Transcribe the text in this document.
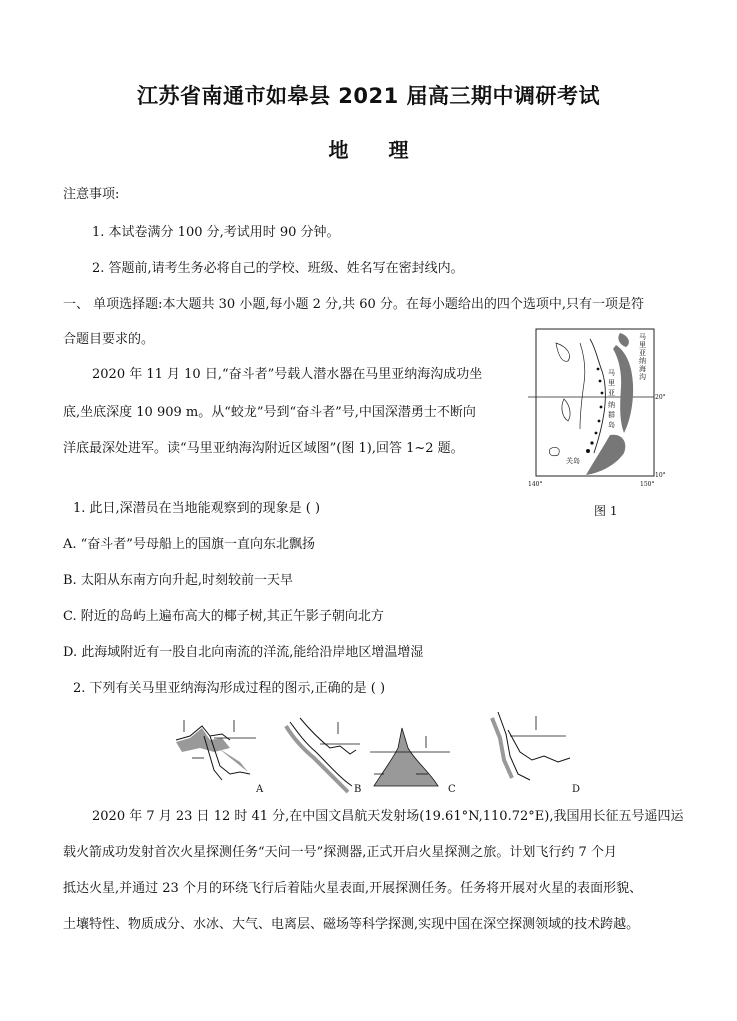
江苏省南通市如皋县 2021 届高三期中调研考试
地　　理
注意事项:
1. 本试卷满分 100 分,考试用时 90 分钟。
2. 答题前,请考生务必将自己的学校、班级、姓名写在密封线内。
一、 单项选择题:本大题共 30 小题,每小题 2 分,共 60 分。在每小题给出的四个选项中,只有一项是符
合题目要求的。
2020 年 11 月 10 日,“奋斗者”号载人潜水器在马里亚纳海沟成功坐
底,坐底深度 10 909 m。从“蛟龙”号到“奋斗者”号,中国深潜勇士不断向
洋底最深处进军。读“马里亚纳海沟附近区域图”(图 1),回答 1~2 题。
马
里
亚
纳
海
沟
马
里
亚
纳
群
岛
关岛
20°
10°
140°	150°
图 1
1. 此日,深潜员在当地能观察到的现象是 ( )
A. “奋斗者”号母船上的国旗一直向东北飘扬
B. 太阳从东南方向升起,时刻较前一天早
C. 附近的岛屿上遍布高大的椰子树,其正午影子朝向北方
D. 此海域附近有一股自北向南流的洋流,能给沿岸地区增温增湿
2. 下列有关马里亚纳海沟形成过程的图示,正确的是 ( )
A	B	C	D
2020 年 7 月 23 日 12 时 41 分,在中国文昌航天发射场(19.61°N,110.72°E),我国用长征五号遥四运
载火箭成功发射首次火星探测任务“天问一号”探测器,正式开启火星探测之旅。计划飞行约 7 个月
抵达火星,并通过 23 个月的环绕飞行后着陆火星表面,开展探测任务。任务将开展对火星的表面形貌、
土壤特性、物质成分、水冰、大气、电离层、磁场等科学探测,实现中国在深空探测领域的技术跨越。
